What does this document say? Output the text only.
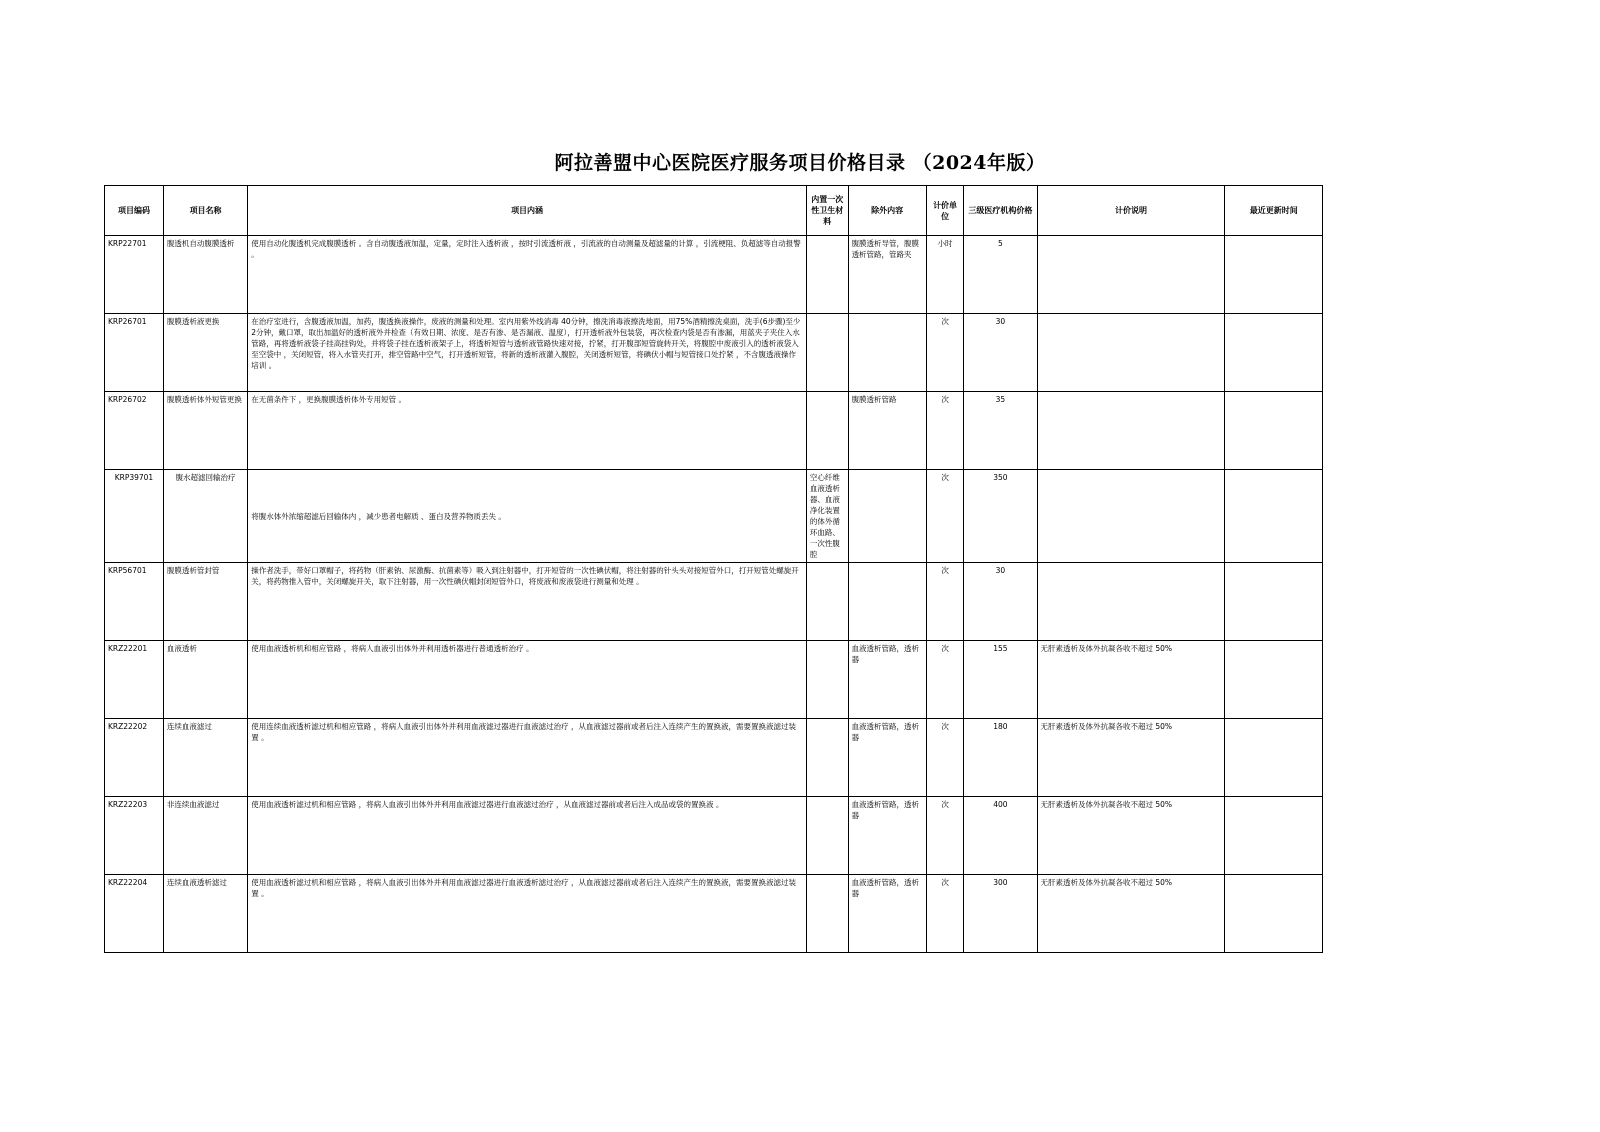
阿拉善盟中心医院医疗服务项目价格目录 （2024年版）
项目编码	项目名称	项目内涵	内置一次性卫生材料	除外内容	计价单位	三级医疗机构价格	计价说明	最近更新时间
KRP22701	腹透机自动腹膜透析	使用自动化腹透机完成腹膜透析 。含自动腹透液加温，定量，定时注入透析液 ，按时引流透析液 ，引流液的自动测量及超滤量的计算 ，引流梗阻、负超滤等自动报警 。		腹膜透析导管，腹膜透析管路，管路夹	小时	5		
KRP26701	腹膜透析液更换	在治疗室进行，含腹透液加温，加药，腹透换液操作，废液的测量和处理。室内用紫外线消毒 40分钟，擦洗消毒液擦洗地面，用75%酒精擦洗桌面，洗手(6步骤)至少2分钟，戴口罩，取出加温好的透析液外并检查（有效日期、浓度、是否有渗、是否漏液、温度），打开透析液外包装袋，再次检查内袋是否有渗漏，用蓝夹子夹住入水管路，再将透析液袋子挂高挂钩处，并将袋子挂在透析液架子上，将透析短管与透析液管路快速对接，拧紧，打开腹部短管旋转开关，将腹腔中废液引入的透析液袋入至空袋中 ，关闭短管，将入水管夹打开，排空管路中空气，打开透析短管，将新的透析液灌入腹腔，关闭透析短管，将碘伏小帽与短管接口处拧紧 ，不含腹透液操作培训 。			次	30		
KRP26702	腹膜透析体外短管更换	在无菌条件下 ，更换腹膜透析体外专用短管 。		腹膜透析管路	次	35		
KRP39701	腹水超滤回输治疗	将腹水体外浓缩超滤后回输体内 ，减少患者电解质 、蛋白及营养物质丢失 。	空心纤维血液透析器、血液净化装置的体外循环血路、一次性腹腔		次	350		
KRP56701	腹膜透析管封管	操作者洗手，带好口罩帽子，将药物（肝素钠、尿激酶、抗菌素等）吸入到注射器中，打开短管的一次性碘伏帽，将注射器的针头头对接短管外口，打开短管处螺旋开关，将药物推入管中，关闭螺旋开关，取下注射器，用一次性碘伏帽封闭短管外口，将废液和废液袋进行测量和处理 。			次	30		
KRZ22201	血液透析	使用血液透析机和相应管路 ，将病人血液引出体外并利用透析器进行普通透析治疗 。		血液透析管路，透析器	次	155	无肝素透析及体外抗凝各收不超过 50%	
KRZ22202	连续血液滤过	使用连续血液透析滤过机和相应管路 ，将病人血液引出体外并利用血液滤过器进行血液滤过治疗 ，从血液滤过器前或者后注入连续产生的置换液，需要置换液滤过装置 。		血液透析管路，透析器	次	180	无肝素透析及体外抗凝各收不超过 50%	
KRZ22203	非连续血液滤过	使用血液透析滤过机和相应管路 ，将病人血液引出体外并利用血液滤过器进行血液滤过治疗 ，从血液滤过器前或者后注入成品或袋的置换液 。		血液透析管路，透析器	次	400	无肝素透析及体外抗凝各收不超过 50%	
KRZ22204	连续血液透析滤过	使用血液透析滤过机和相应管路 ，将病人血液引出体外并利用血液滤过器进行血液透析滤过治疗 ，从血液滤过器前或者后注入连续产生的置换液，需要置换液滤过装置 。		血液透析管路，透析器	次	300	无肝素透析及体外抗凝各收不超过 50%	
